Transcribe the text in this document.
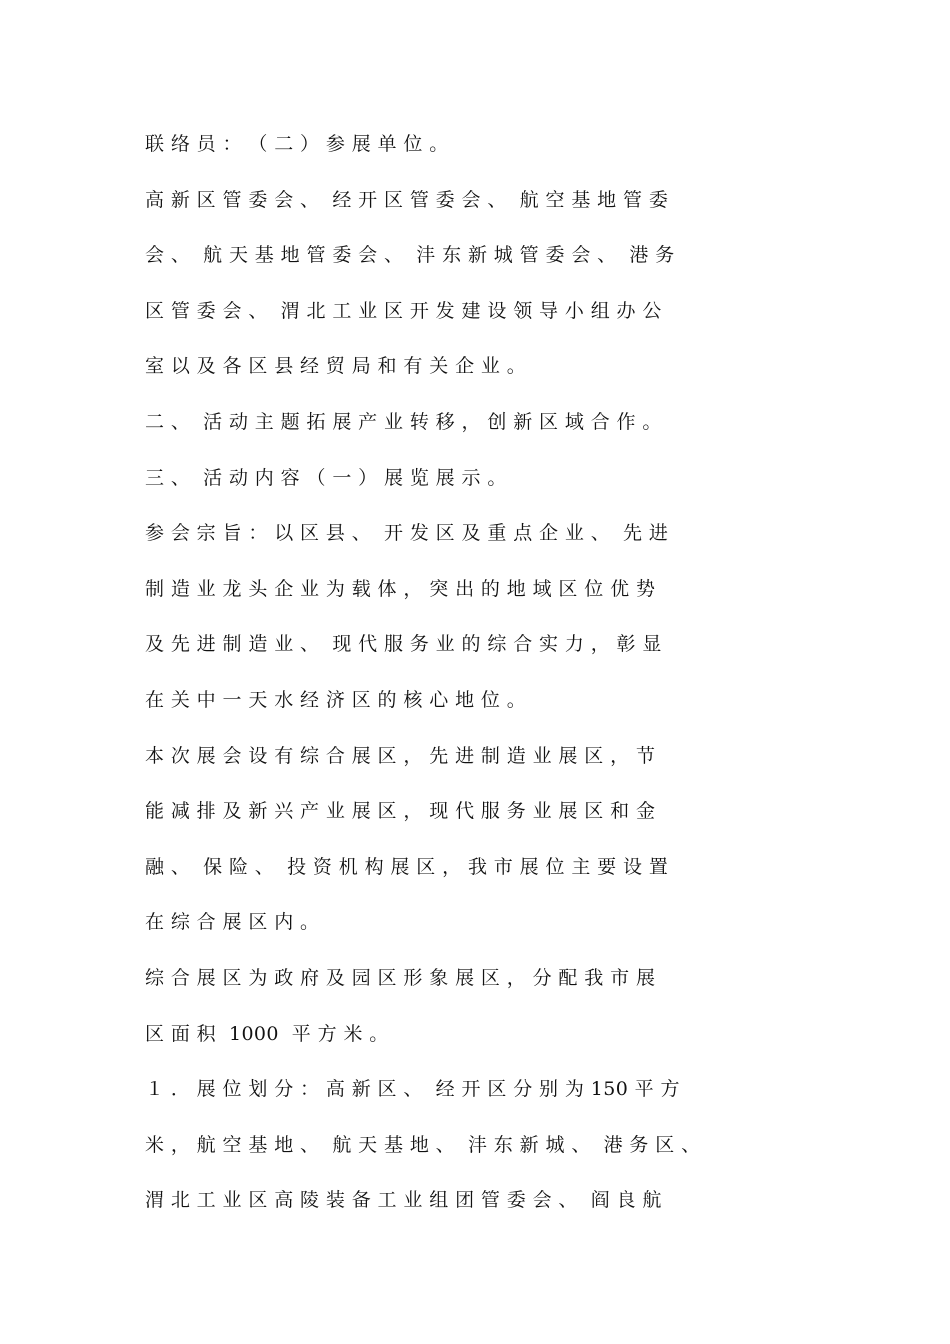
联 络 员 ： （ 二 ） 参 展 单 位 。
高 新 区 管 委 会 、  经 开 区 管 委 会 、  航 空 基 地 管 委
会 、  航 天 基 地 管 委 会 、  沣 东 新 城 管 委 会 、  港 务
区 管 委 会 、  渭 北 工 业 区 开 发 建 设 领 导 小 组 办 公
室 以 及 各 区 县 经 贸 局 和 有 关 企 业 。
二 、  活 动 主 题 拓 展 产 业 转 移 ， 创 新 区 域 合 作 。
三 、  活 动 内 容 （ 一 ） 展 览 展 示 。
参 会 宗 旨 ： 以 区 县 、  开 发 区 及 重 点 企 业 、  先 进
制 造 业 龙 头 企 业 为 载 体 ， 突 出 的 地 域 区 位 优 势
及 先 进 制 造 业 、  现 代 服 务 业 的 综 合 实 力 ， 彰 显
在 关 中 一 天 水 经 济 区 的 核 心 地 位 。
本 次 展 会 设 有 综 合 展 区 ， 先 进 制 造 业 展 区 ， 节
能 减 排 及 新 兴 产 业 展 区 ， 现 代 服 务 业 展 区 和 金
融 、  保 险 、  投 资 机 构 展 区 ， 我 市 展 位 主 要 设 置
在 综 合 展 区 内 。
综 合 展 区 为 政 府 及 园 区 形 象 展 区 ， 分 配 我 市 展
区 面 积  1000  平 方 米 。
１ ． 展 位 划 分 ： 高 新 区 、  经 开 区 分 别 为 150 平 方
米 ， 航 空 基 地 、  航 天 基 地 、  沣 东 新 城 、  港 务 区 、
渭 北 工 业 区 高 陵 装 备 工 业 组 团 管 委 会 、  阎 良 航
